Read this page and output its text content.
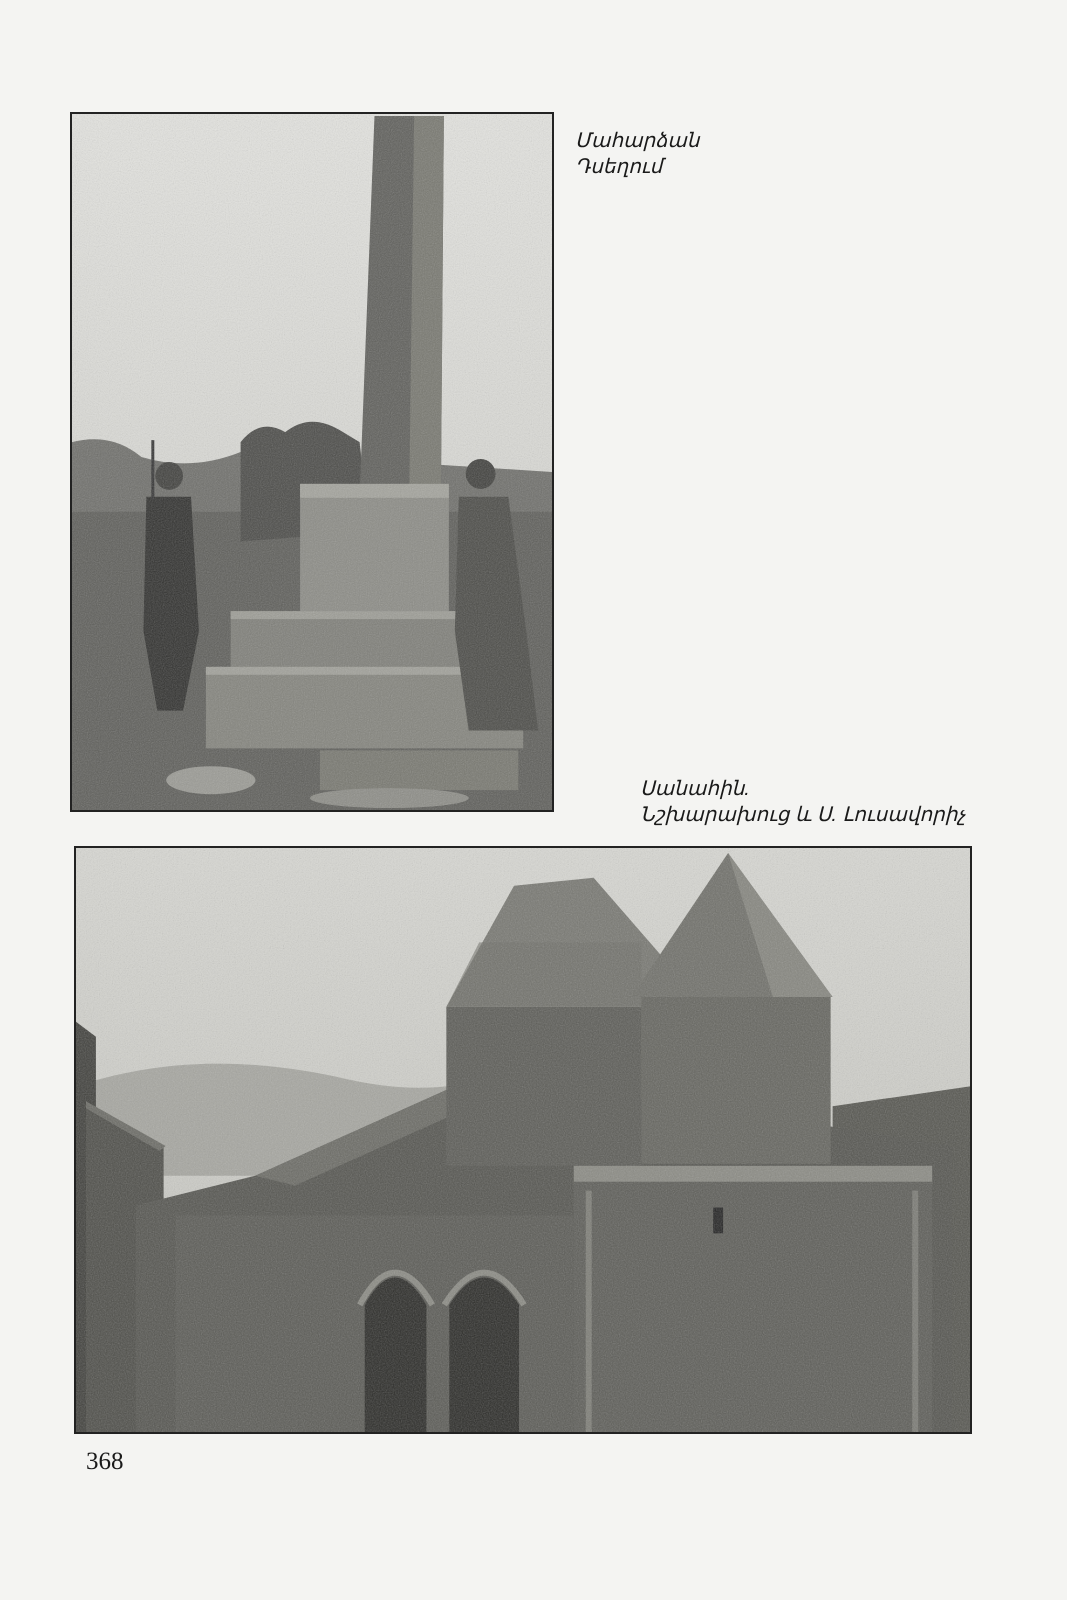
Մահարձան
Դսեղում
Սանահին.
Նշխարախուց և Ս. Լուսավորիչ
368
